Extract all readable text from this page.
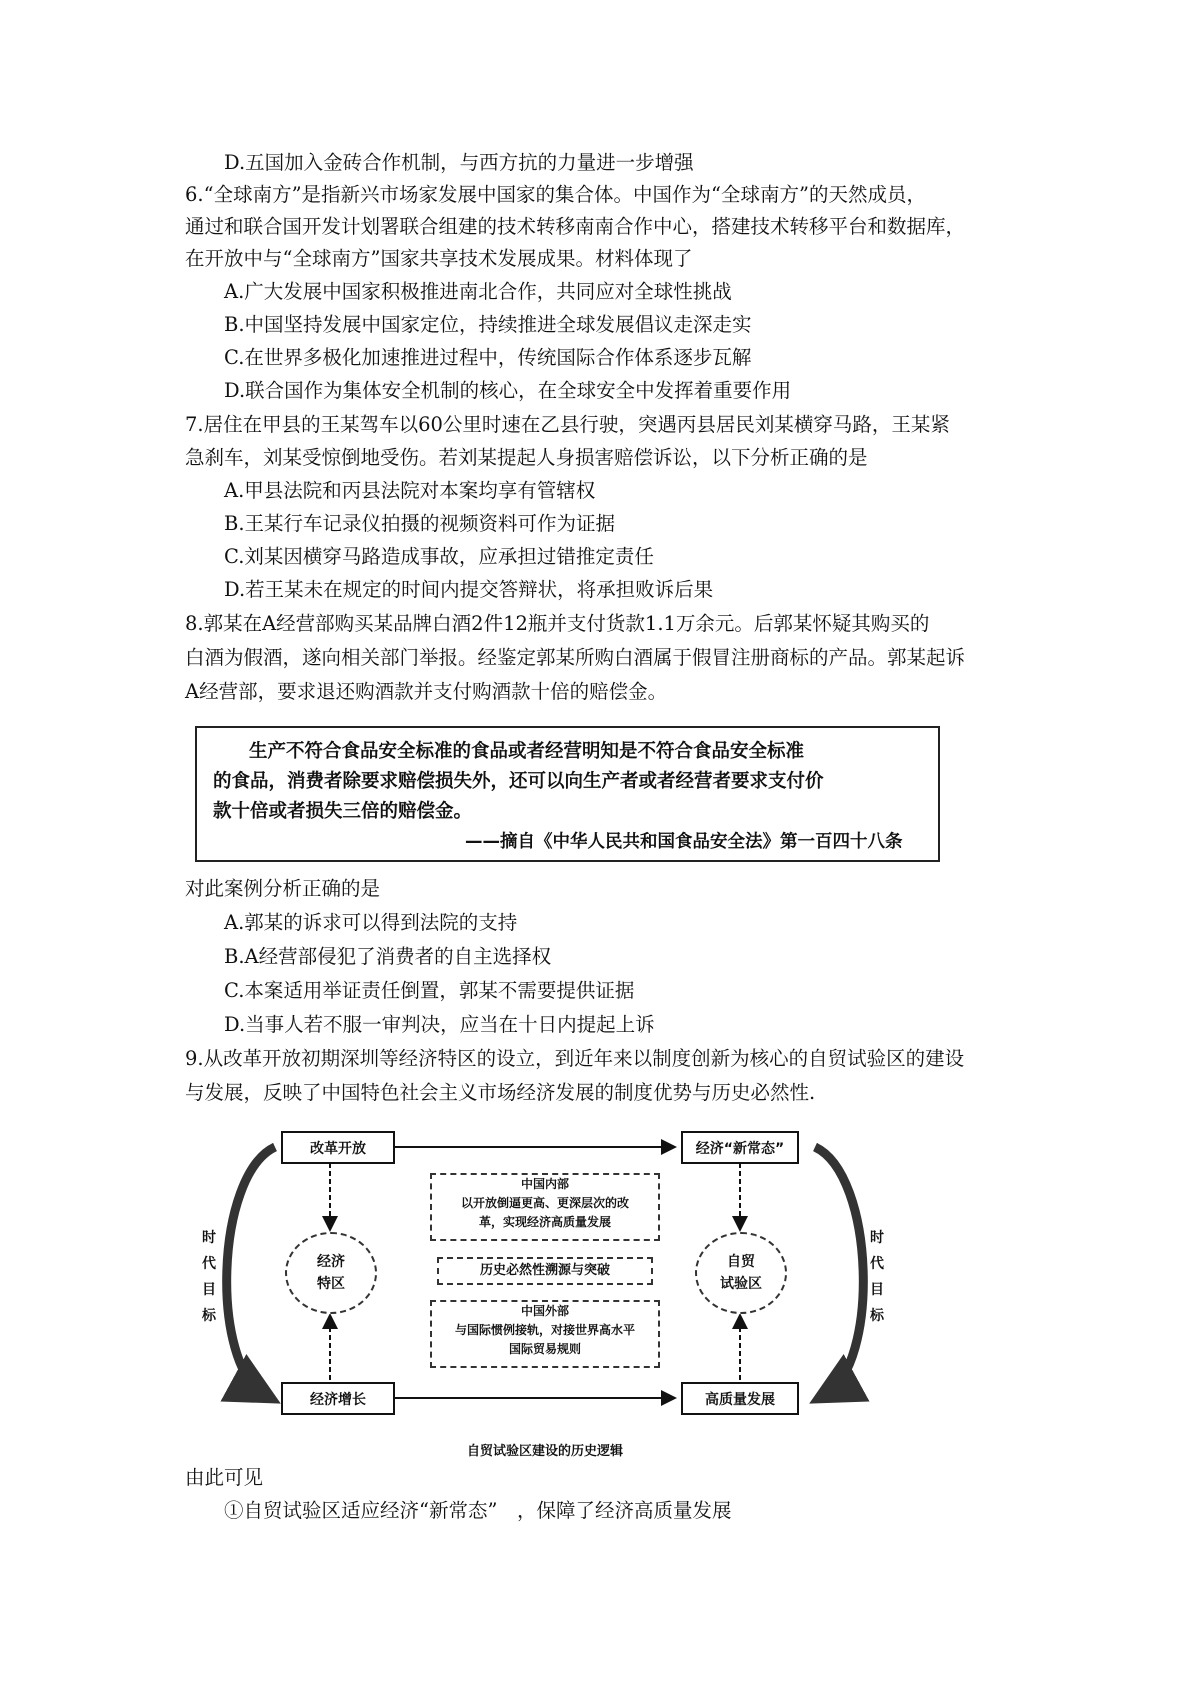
D.五国加入金砖合作机制，与西方抗的力量进一步增强
6.“全球南方”是指新兴市场家发展中国家的集合体。中国作为“全球南方”的天然成员，
通过和联合国开发计划署联合组建的技术转移南南合作中心，搭建技术转移平台和数据库，
在开放中与“全球南方”国家共享技术发展成果。材料体现了
A.广大发展中国家积极推进南北合作，共同应对全球性挑战
B.中国坚持发展中国家定位，持续推进全球发展倡议走深走实
C.在世界多极化加速推进过程中，传统国际合作体系逐步瓦解
D.联合国作为集体安全机制的核心，在全球安全中发挥着重要作用
7.居住在甲县的王某驾车以60公里时速在乙县行驶，突遇丙县居民刘某横穿马路，王某紧
急刹车，刘某受惊倒地受伤。若刘某提起人身损害赔偿诉讼，以下分析正确的是
A.甲县法院和丙县法院对本案均享有管辖权
B.王某行车记录仪拍摄的视频资料可作为证据
C.刘某因横穿马路造成事故，应承担过错推定责任
D.若王某未在规定的时间内提交答辩状，将承担败诉后果
8.郭某在A经营部购买某品牌白酒2件12瓶并支付货款1.1万余元。后郭某怀疑其购买的
白酒为假酒，遂向相关部门举报。经鉴定郭某所购白酒属于假冒注册商标的产品。郭某起诉
A经营部，要求退还购酒款并支付购酒款十倍的赔偿金。
生产不符合食品安全标准的食品或者经营明知是不符合食品安全标准
的食品，消费者除要求赔偿损失外，还可以向生产者或者经营者要求支付价
款十倍或者损失三倍的赔偿金。
——摘自《中华人民共和国食品安全法》第一百四十八条
对此案例分析正确的是
A.郭某的诉求可以得到法院的支持
B.A经营部侵犯了消费者的自主选择权
C.本案适用举证责任倒置，郭某不需要提供证据
D.当事人若不服一审判决，应当在十日内提起上诉
9.从改革开放初期深圳等经济特区的设立，到近年来以制度创新为核心的自贸试验区的建设
与发展，反映了中国特色社会主义市场经济发展的制度优势与历史必然性.
改革开放	经济“新常态”
经济增长	高质量发展
经济
特区
自贸
试验区
中国内部
以开放倒逼更高、更深层次的改
革，实现经济高质量发展
历史必然性溯源与突破
中国外部
与国际惯例接轨，对接世界高水平
国际贸易规则
时
代
目
标
时
代
目
标
自贸试验区建设的历史逻辑
由此可见
①自贸试验区适应经济“新常态”　，保障了经济高质量发展
